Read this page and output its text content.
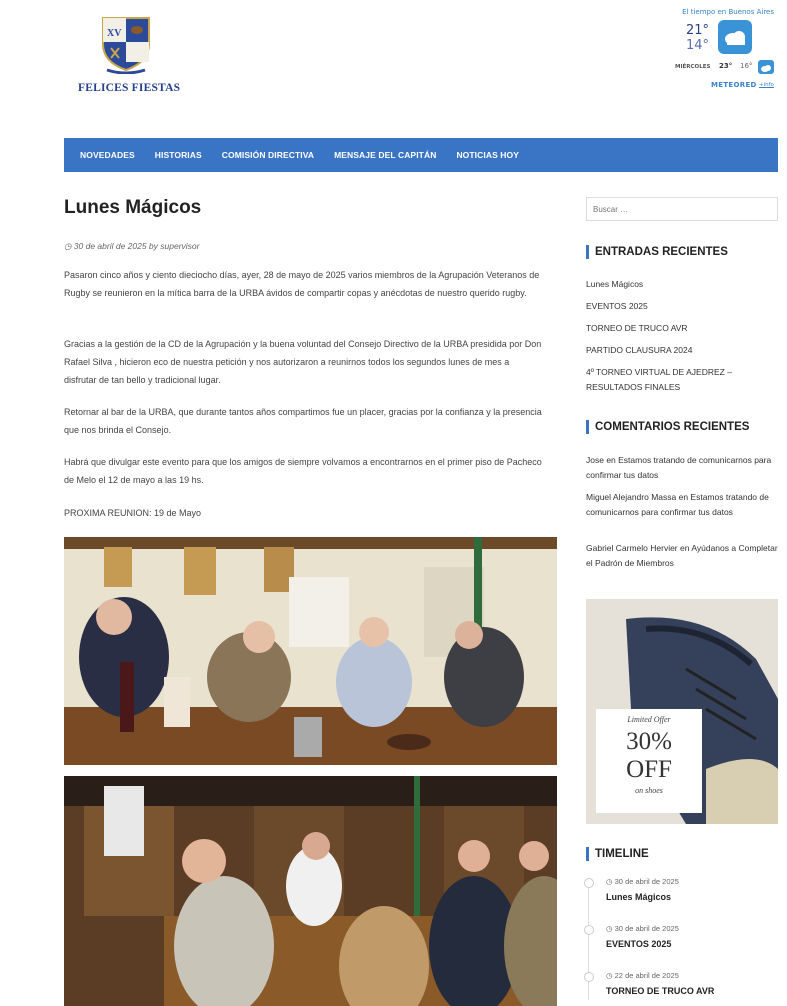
XV
FELICES FIESTAS
El tiempo en Buenos Aires
21°
14°
MIÉRCOLES 23° 16°
METEORED +info
NOVEDADES HISTORIAS COMISIÓN DIRECTIVA MENSAJE DEL CAPITÁN NOTICIAS HOY
Lunes Mágicos
◷ 30 de abril de 2025 by supervisor
Pasaron cinco años y ciento dieciocho días, ayer, 28 de mayo de 2025 varios miembros de la Agrupación Veteranos de Rugby se reunieron en la mítica barra de la URBA ávidos de compartir copas y anécdotas de nuestro querido rugby.
Gracias a la gestión de la CD de la Agrupación y la buena voluntad del Consejo Directivo de la URBA presidida por Don Rafael Silva , hicieron eco de nuestra petición y nos autorizaron a reunirnos todos los segundos lunes de mes a disfrutar de tan bello y tradicional lugar.
Retornar al bar de la URBA, que durante tantos años compartimos fue un placer, gracias por la confianza y la presencia que nos brinda el Consejo.
Habrá que divulgar este evento para que los amigos de siempre volvamos a encontrarnos en el primer piso de Pacheco de Melo el 12 de mayo a las 19 hs.
PROXIMA REUNION: 19 de Mayo
Buscar …
ENTRADAS RECIENTES
Lunes Mágicos
EVENTOS 2025
TORNEO DE TRUCO AVR
PARTIDO CLAUSURA 2024
4º TORNEO VIRTUAL DE AJEDREZ – RESULTADOS FINALES
COMENTARIOS RECIENTES
Jose en Estamos tratando de comunicarnos para confirmar tus datos
Miguel Alejandro Massa en Estamos tratando de comunicarnos para confirmar tus datos
Gabriel Carmelo Hervier en Ayúdanos a Completar el Padrón de Miembros
Limited Offer
30%
OFF
on shoes
TIMELINE
◷ 30 de abril de 2025
Lunes Mágicos
◷ 30 de abril de 2025
EVENTOS 2025
◷ 22 de abril de 2025
TORNEO DE TRUCO AVR
